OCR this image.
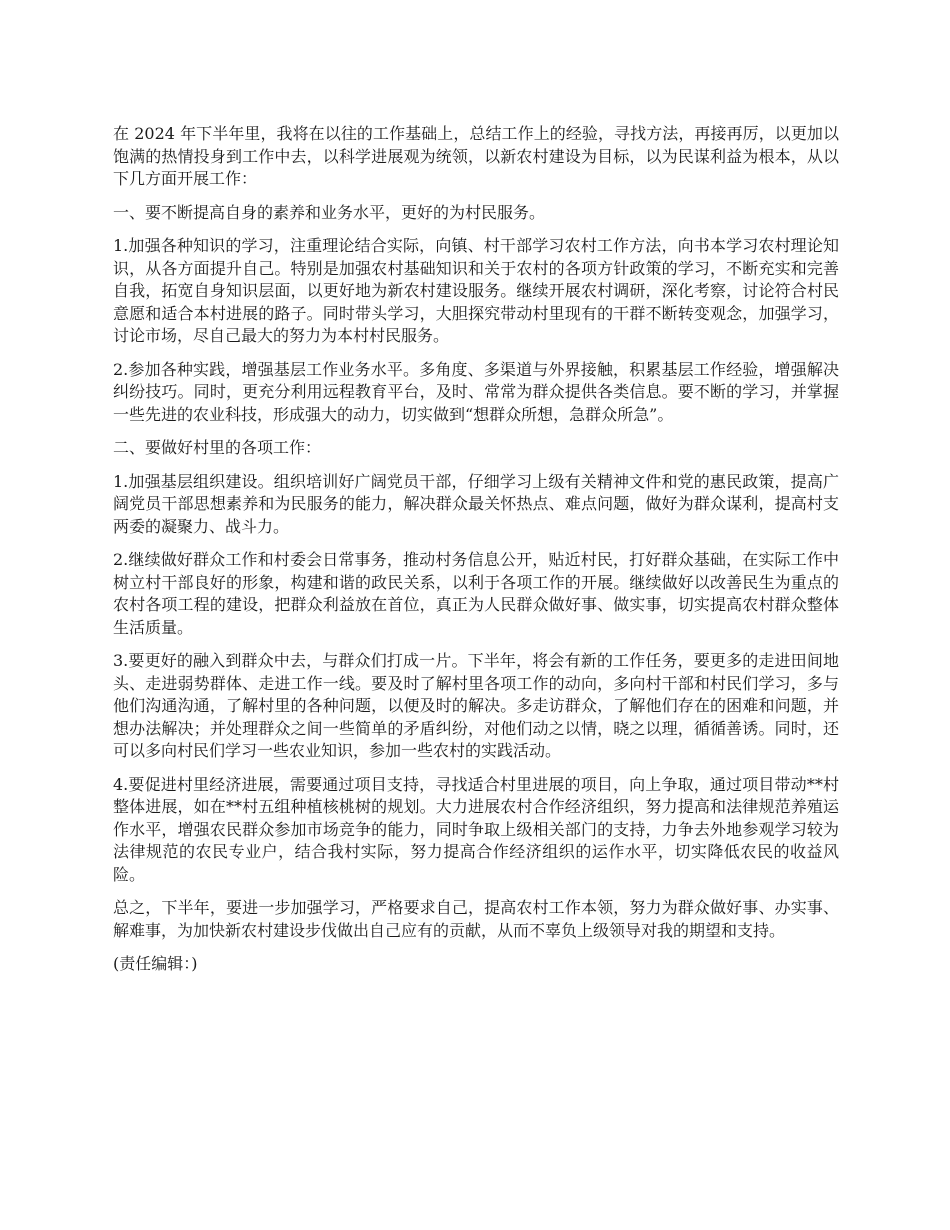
在 2024 年下半年里，我将在以往的工作基础上，总结工作上的经验，寻找方法，再接再厉，以更加以饱满的热情投身到工作中去，以科学进展观为统领，以新农村建设为目标，以为民谋利益为根本，从以下几方面开展工作：

一、要不断提高自身的素养和业务水平，更好的为村民服务。

1.加强各种知识的学习，注重理论结合实际，向镇、村干部学习农村工作方法，向书本学习农村理论知识，从各方面提升自己。特别是加强农村基础知识和关于农村的各项方针政策的学习，不断充实和完善自我，拓宽自身知识层面，以更好地为新农村建设服务。继续开展农村调研，深化考察，讨论符合村民意愿和适合本村进展的路子。同时带头学习，大胆探究带动村里现有的干群不断转变观念，加强学习，讨论市场，尽自己最大的努力为本村村民服务。

2.参加各种实践，增强基层工作业务水平。多角度、多渠道与外界接触，积累基层工作经验，增强解决纠纷技巧。同时，更充分利用远程教育平台，及时、常常为群众提供各类信息。要不断的学习，并掌握一些先进的农业科技，形成强大的动力，切实做到“想群众所想，急群众所急”。

二、要做好村里的各项工作：

1.加强基层组织建设。组织培训好广阔党员干部，仔细学习上级有关精神文件和党的惠民政策，提高广阔党员干部思想素养和为民服务的能力，解决群众最关怀热点、难点问题，做好为群众谋利，提高村支两委的凝聚力、战斗力。

2.继续做好群众工作和村委会日常事务，推动村务信息公开，贴近村民，打好群众基础，在实际工作中树立村干部良好的形象，构建和谐的政民关系，以利于各项工作的开展。继续做好以改善民生为重点的农村各项工程的建设，把群众利益放在首位，真正为人民群众做好事、做实事，切实提高农村群众整体生活质量。

3.要更好的融入到群众中去，与群众们打成一片。下半年，将会有新的工作任务，要更多的走进田间地头、走进弱势群体、走进工作一线。要及时了解村里各项工作的动向，多向村干部和村民们学习，多与他们沟通沟通，了解村里的各种问题，以便及时的解决。多走访群众，了解他们存在的困难和问题，并想办法解决；并处理群众之间一些简单的矛盾纠纷，对他们动之以情，晓之以理，循循善诱。同时，还可以多向村民们学习一些农业知识，参加一些农村的实践活动。

4.要促进村里经济进展，需要通过项目支持，寻找适合村里进展的项目，向上争取，通过项目带动**村整体进展，如在**村五组种植核桃树的规划。大力进展农村合作经济组织，努力提高和法律规范养殖运作水平，增强农民群众参加市场竞争的能力，同时争取上级相关部门的支持，力争去外地参观学习较为法律规范的农民专业户，结合我村实际，努力提高合作经济组织的运作水平，切实降低农民的收益风险。

总之，下半年，要进一步加强学习，严格要求自己，提高农村工作本领，努力为群众做好事、办实事、解难事，为加快新农村建设步伐做出自己应有的贡献，从而不辜负上级领导对我的期望和支持。

(责任编辑：)
